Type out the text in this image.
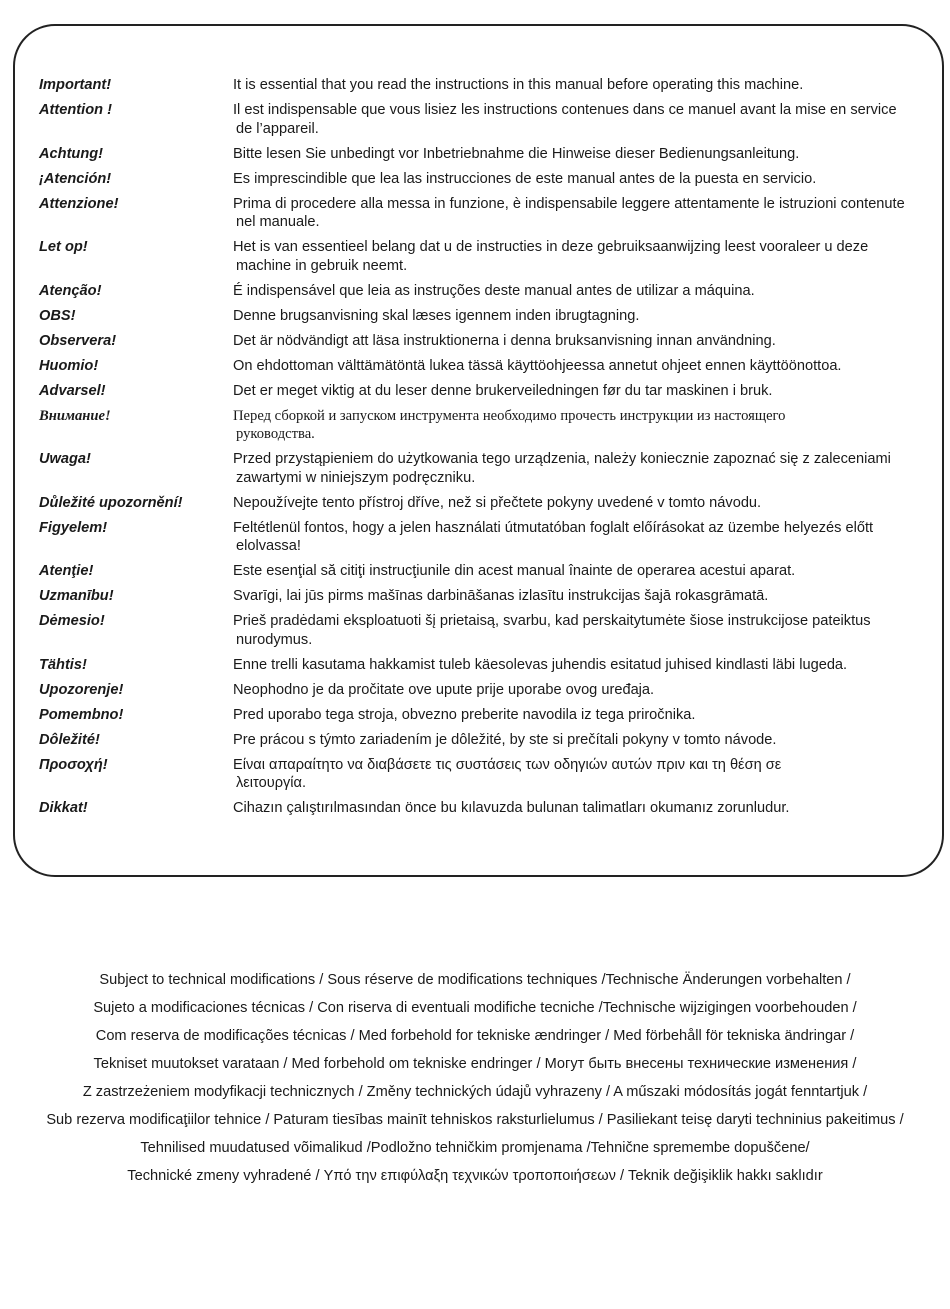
Important!	It is essential that you read the instructions in this manual before operating this machine.
Attention !	Il est indispensable que vous lisiez les instructions contenues dans ce manuel avant la mise en service
de l’appareil.
Achtung!	Bitte lesen Sie unbedingt vor Inbetriebnahme die Hinweise dieser Bedienungsanleitung.
¡Atención!	Es imprescindible que lea las instrucciones de este manual antes de la puesta en servicio.
Attenzione!	Prima di procedere alla messa in funzione, è indispensabile leggere attentamente le istruzioni contenute
nel manuale.
Let op!	Het is van essentieel belang dat u de instructies in deze gebruiksaanwijzing leest vooraleer u deze
machine in gebruik neemt.
Atenção!	É indispensável que leia as instruções deste manual antes de utilizar a máquina.
OBS!	Denne brugsanvisning skal læses igennem inden ibrugtagning.
Observera!	Det är nödvändigt att läsa instruktionerna i denna bruksanvisning innan användning.
Huomio!	On ehdottoman välttämätöntä lukea tässä käyttöohjeessa annetut ohjeet ennen käyttöönottoa.
Advarsel!	Det er meget viktig at du leser denne brukerveiledningen før du tar maskinen i bruk.
Внимание!	Перед сборкой и запуском инструмента необходимо прочесть инструкции из настоящего
руководства.
Uwaga!	Przed przystąpieniem do użytkowania tego urządzenia, należy koniecznie zapoznać się z zaleceniami
zawartymi w niniejszym podręczniku.
Důležité upozornění!	Nepoužívejte tento přístroj dříve, než si přečtete pokyny uvedené v tomto návodu.
Figyelem!	Feltétlenül fontos, hogy a jelen használati útmutatóban foglalt előírásokat az üzembe helyezés előtt
elolvassa!
Atenţie!	Este esenţial să citiţi instrucţiunile din acest manual înainte de operarea acestui aparat.
Uzmanību!	Svarīgi, lai jūs pirms mašīnas darbināšanas izlasītu instrukcijas šajā rokasgrāmatā.
Dėmesio!	Prieš pradėdami eksploatuoti šį prietaisą, svarbu, kad perskaitytumėte šiose instrukcijose pateiktus
nurodymus.
Tähtis!	Enne trelli kasutama hakkamist tuleb käesolevas juhendis esitatud juhised kindlasti läbi lugeda.
Upozorenje!	Neophodno je da pročitate ove upute prije uporabe ovog uređaja.
Pomembno!	Pred uporabo tega stroja, obvezno preberite navodila iz tega priročnika.
Dôležité!	Pre prácou s týmto zariadením je dôležité, by ste si prečítali pokyny v tomto návode.
Προσοχή!	Είναι απαραίτητο να διαβάσετε τις συστάσεις των οδηγιών αυτών πριν και τη θέση σε
λειτουργία.
Dikkat!	Cihazın çalıştırılmasından önce bu kılavuzda bulunan talimatları okumanız zorunludur.
Subject to technical modifications / Sous réserve de modifications techniques /Technische Änderungen vorbehalten /
Sujeto a modificaciones técnicas / Con riserva di eventuali modifiche tecniche /Technische wijzigingen voorbehouden /
Com reserva de modificações técnicas / Med forbehold for tekniske ændringer / Med förbehåll för tekniska ändringar /
Tekniset muutokset varataan / Med forbehold om tekniske endringer / Могут быть внесены технические изменения /
Z zastrzeżeniem modyfikacji technicznych / Změny technických údajů vyhrazeny / A műszaki módosítás jogát fenntartjuk /
Sub rezerva modificaţiilor tehnice / Paturam tiesības mainīt tehniskos raksturlielumus / Pasiliekant teisę daryti techninius pakeitimus /
Tehnilised muudatused võimalikud /Podložno tehničkim promjenama /Tehnične spremembe dopuščene/
Technické zmeny vyhradené / Υπό την επιφύλαξη τεχνικών τροποποιήσεων / Teknik değişiklik hakkı saklıdır
